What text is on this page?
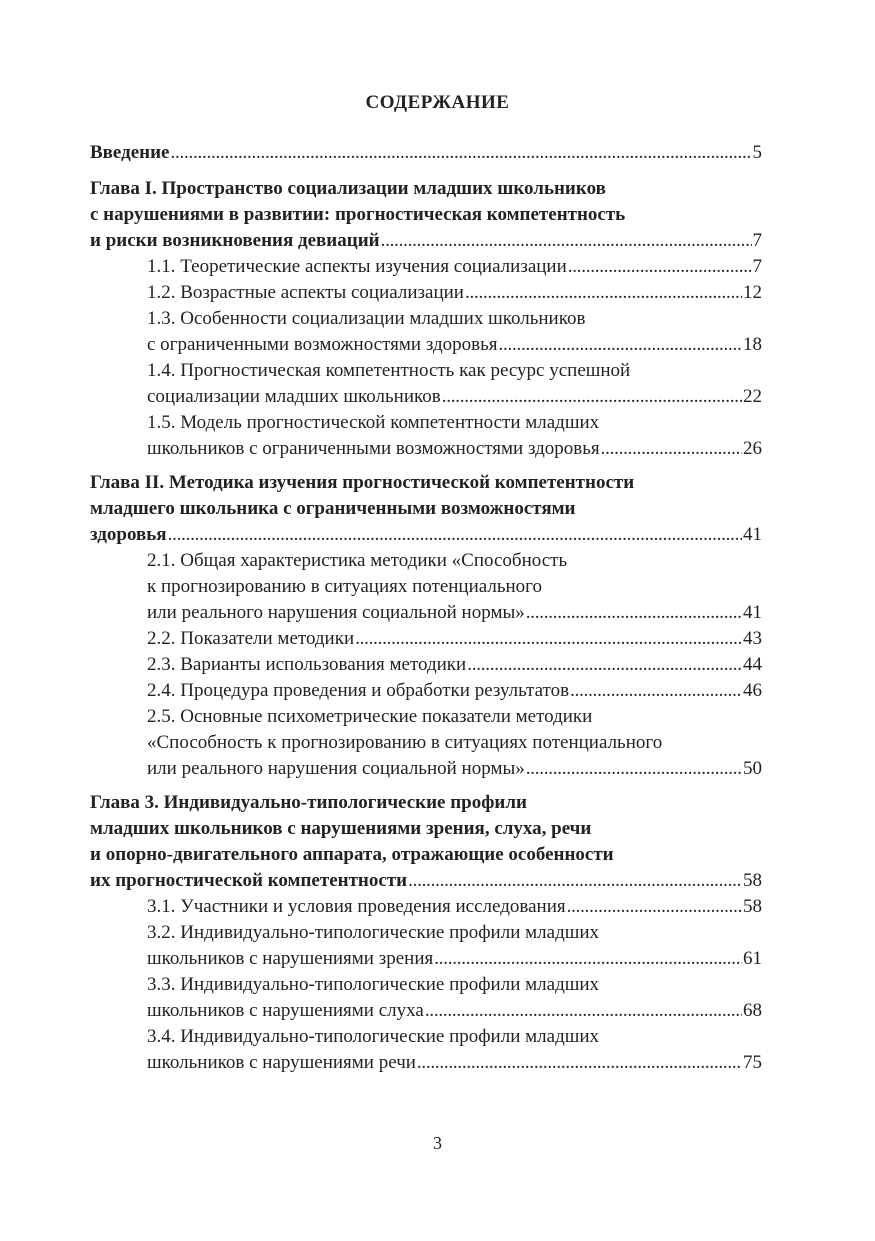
СОДЕРЖАНИЕ
Введение . . .	5
Глава I. Пространство социализации младших школьников
с нарушениями в развитии: прогностическая компетентность
и риски возникновения девиаций . . .	7
1.1. Теоретические аспекты изучения социализации . . .	7
1.2. Возрастные аспекты социализации . . .	12
1.3. Особенности социализации младших школьников
с ограниченными возможностями здоровья . . .	18
1.4. Прогностическая компетентность как ресурс успешной
социализации младших школьников . . .	22
1.5. Модель прогностической компетентности младших
школьников с ограниченными возможностями здоровья . . .	26
Глава II. Методика изучения прогностической компетентности
младшего школьника с ограниченными возможностями
здоровья . . .	41
2.1. Общая характеристика методики «Способность
к прогнозированию в ситуациях потенциального
или реального нарушения социальной нормы» . . .	41
2.2. Показатели методики . . .	43
2.3. Варианты использования методики . . .	44
2.4. Процедура проведения и обработки результатов . . .	46
2.5. Основные психометрические показатели методики
«Способность к прогнозированию в ситуациях потенциального
или реального нарушения социальной нормы» . . .	50
Глава 3. Индивидуально-типологические профили
младших школьников с нарушениями зрения, слуха, речи
и опорно-двигательного аппарата, отражающие особенности
их прогностической компетентности . . .	58
3.1. Участники и условия проведения исследования . . .	58
3.2. Индивидуально-типологические профили младших
школьников с нарушениями зрения . . .	61
3.3. Индивидуально-типологические профили младших
школьников с нарушениями слуха . . .	68
3.4. Индивидуально-типологические профили младших
школьников с нарушениями речи . . .	75
3
